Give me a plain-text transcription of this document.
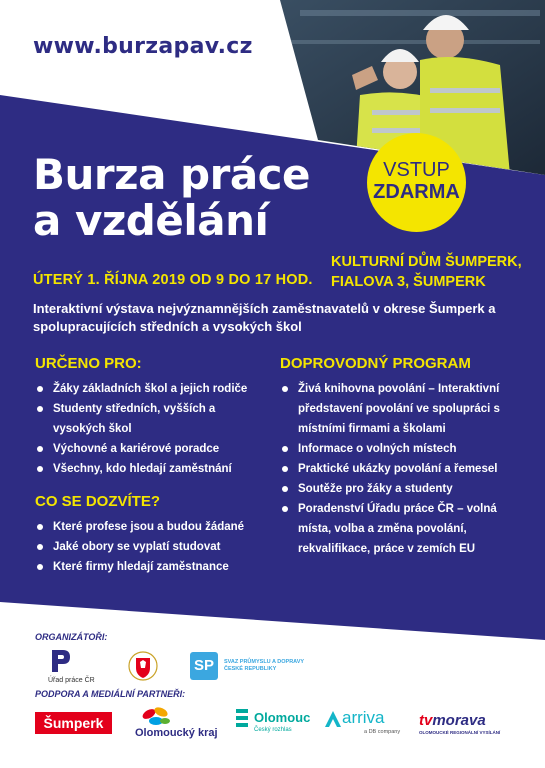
www.burzapav.cz
VSTUP
ZDARMA
Burza práce
a vzdělání
ÚTERÝ 1. ŘÍJNA 2019 OD 9 DO 17 HOD.
KULTURNÍ DŮM ŠUMPERK,
FIALOVA 3, ŠUMPERK
Interaktivní výstava nejvýznamnějších zaměstnavatelů v okrese Šumperk a spolupracujících středních a vysokých škol
URČENO PRO:
Žáky základních škol a jejich rodiče
Studenty středních, vyšších a vysokých škol
Výchovné a kariérové poradce
Všechny, kdo hledají zaměstnání
CO SE DOZVÍTE?
Které profese jsou a budou žádané
Jaké obory se vyplatí studovat
Které firmy hledají zaměstnance
DOPROVODNÝ PROGRAM
Živá knihovna povolání – Interaktivní představení povolání ve spolupráci s místními firmami a školami
Informace o volných místech
Praktické ukázky povolání a řemesel
Soutěže pro žáky a studenty
Poradenství Úřadu práce ČR – volná místa, volba a změna povolání, rekvalifikace, práce v zemích EU
ORGANIZÁTOŘI:
Úřad práce ČR
SP	SVAZ PRŮMYSLU A DOPRAVY
ČESKÉ REPUBLIKY
PODPORA A MEDIÁLNÍ PARTNEŘI:
Šumperk
Olomoucký kraj
Olomouc
Český rozhlas
arriva
a DB company
tvmorava
OLOMOUCKÉ REGIONÁLNÍ VYSÍLÁNÍ
